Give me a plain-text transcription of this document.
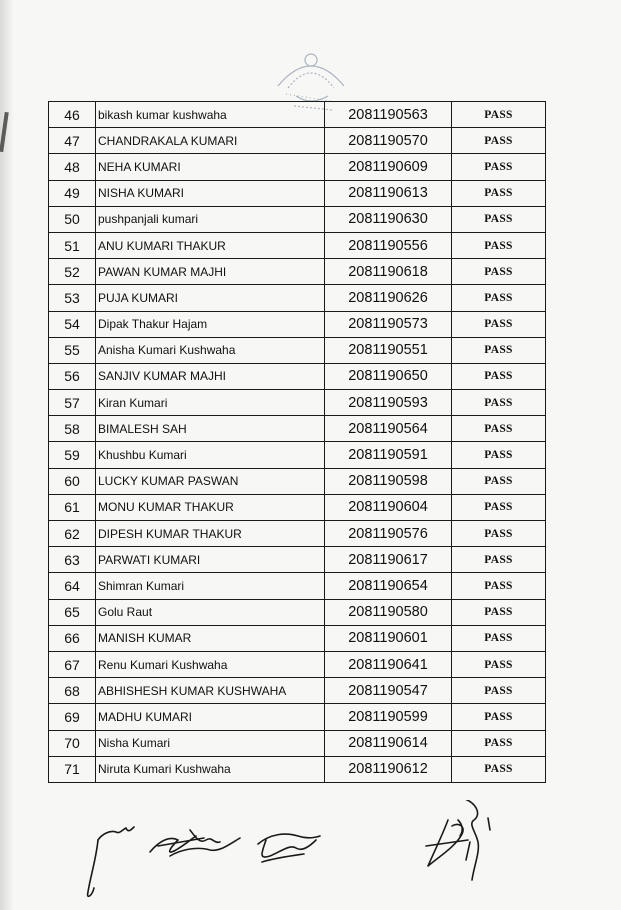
46	bikash kumar kushwaha	2081190563	PASS
47	CHANDRAKALA KUMARI	2081190570	PASS
48	NEHA KUMARI	2081190609	PASS
49	NISHA KUMARI	2081190613	PASS
50	pushpanjali kumari	2081190630	PASS
51	ANU KUMARI THAKUR	2081190556	PASS
52	PAWAN KUMAR MAJHI	2081190618	PASS
53	PUJA KUMARI	2081190626	PASS
54	Dipak Thakur Hajam	2081190573	PASS
55	Anisha Kumari Kushwaha	2081190551	PASS
56	SANJIV KUMAR MAJHI	2081190650	PASS
57	Kiran Kumari	2081190593	PASS
58	BIMALESH SAH	2081190564	PASS
59	Khushbu Kumari	2081190591	PASS
60	LUCKY KUMAR PASWAN	2081190598	PASS
61	MONU KUMAR THAKUR	2081190604	PASS
62	DIPESH KUMAR THAKUR	2081190576	PASS
63	PARWATI KUMARI	2081190617	PASS
64	Shimran Kumari	2081190654	PASS
65	Golu Raut	2081190580	PASS
66	MANISH KUMAR	2081190601	PASS
67	Renu Kumari Kushwaha	2081190641	PASS
68	ABHISHESH KUMAR KUSHWAHA	2081190547	PASS
69	MADHU KUMARI	2081190599	PASS
70	Nisha Kumari	2081190614	PASS
71	Niruta Kumari Kushwaha	2081190612	PASS
